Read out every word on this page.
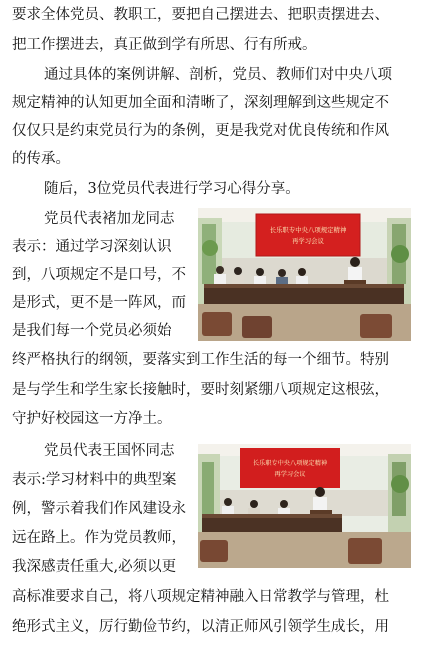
要求全体党员、教职工，要把自己摆进去、把职责摆进去、
把工作摆进去，真正做到学有所思、行有所戒。
通过具体的案例讲解、剖析，党员、教师们对中央八项
规定精神的认知更加全面和清晰了，深刻理解到这些规定不
仅仅只是约束党员行为的条例，更是我党对优良传统和作风
的传承。
随后，3位党员代表进行学习心得分享。
党员代表褚加龙同志
表示：通过学习深刻认识
到，八项规定不是口号，不
是形式，更不是一阵风，而
是我们每一个党员必须始
终严格执行的纲领，要落实到工作生活的每一个细节。特别
是与学生和学生家长接触时，要时刻紧绷八项规定这根弦，
守护好校园这一方净土。
党员代表王国怀同志
表示:学习材料中的典型案
例，警示着我们作风建设永
远在路上。作为党员教师，
我深感责任重大,必须以更
高标准要求自己，将八项规定精神融入日常教学与管理，杜
绝形式主义，厉行勤俭节约，以清正师风引领学生成长，用
长乐职专中央八项规定精神
再学习会议
长乐职专中央八项规定精神
再学习会议
